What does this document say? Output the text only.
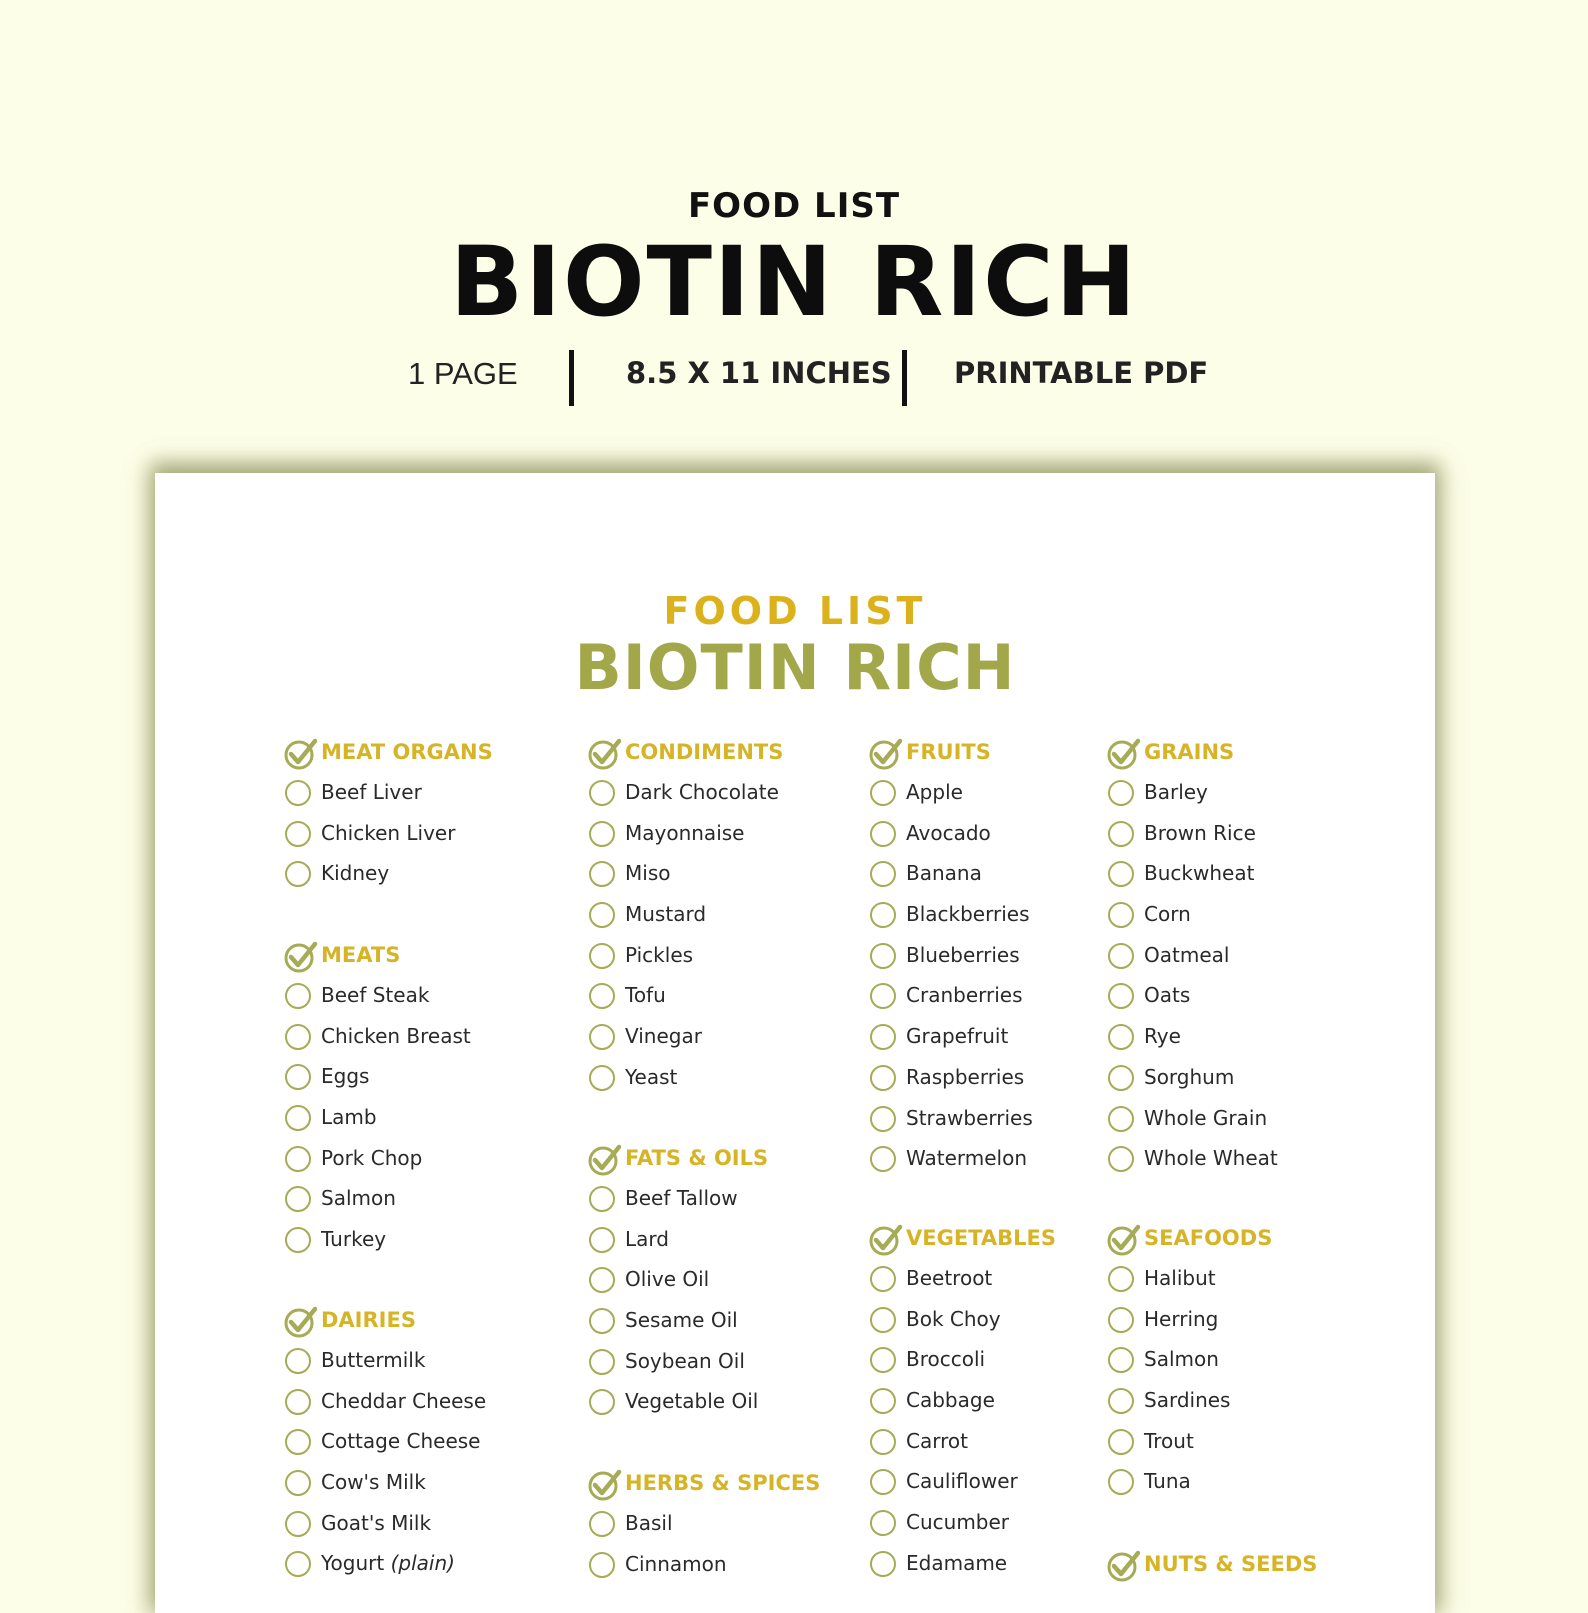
FOOD LIST
BIOTIN RICH
1 PAGE	8.5 X 11 INCHES PRINTABLE PDF
FOOD LIST
BIOTIN RICH
MEAT ORGANS
Beef Liver
Chicken Liver
Kidney
MEATS
Beef Steak
Chicken Breast
Eggs
Lamb
Pork Chop
Salmon
Turkey
DAIRIES
Buttermilk
Cheddar Cheese
Cottage Cheese
Cow's Milk
Goat's Milk
Yogurt (plain)
CONDIMENTS
Dark Chocolate
Mayonnaise
Miso
Mustard
Pickles
Tofu
Vinegar
Yeast
FATS & OILS
Beef Tallow
Lard
Olive Oil
Sesame Oil
Soybean Oil
Vegetable Oil
HERBS & SPICES
Basil
Cinnamon
FRUITS
Apple
Avocado
Banana
Blackberries
Blueberries
Cranberries
Grapefruit
Raspberries
Strawberries
Watermelon
VEGETABLES
Beetroot
Bok Choy
Broccoli
Cabbage
Carrot
Cauliflower
Cucumber
Edamame
GRAINS
Barley
Brown Rice
Buckwheat
Corn
Oatmeal
Oats
Rye
Sorghum
Whole Grain
Whole Wheat
SEAFOODS
Halibut
Herring
Salmon
Sardines
Trout
Tuna
NUTS & SEEDS
